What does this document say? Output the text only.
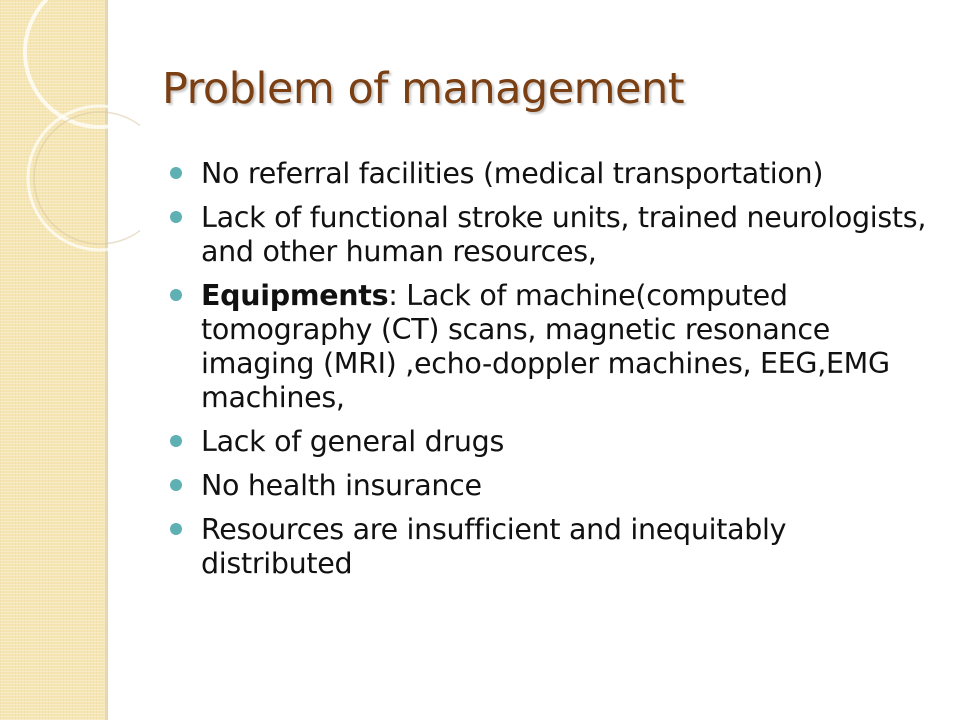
Problem of management
No referral facilities (medical transportation)
Lack of functional stroke units, trained neurologists, and other human resources,
Equipments: Lack of machine(computed tomography (CT) scans, magnetic resonance imaging (MRI) ,echo-doppler machines, EEG,EMG machines,
Lack of general drugs
No health insurance
Resources are insufficient and inequitably distributed
